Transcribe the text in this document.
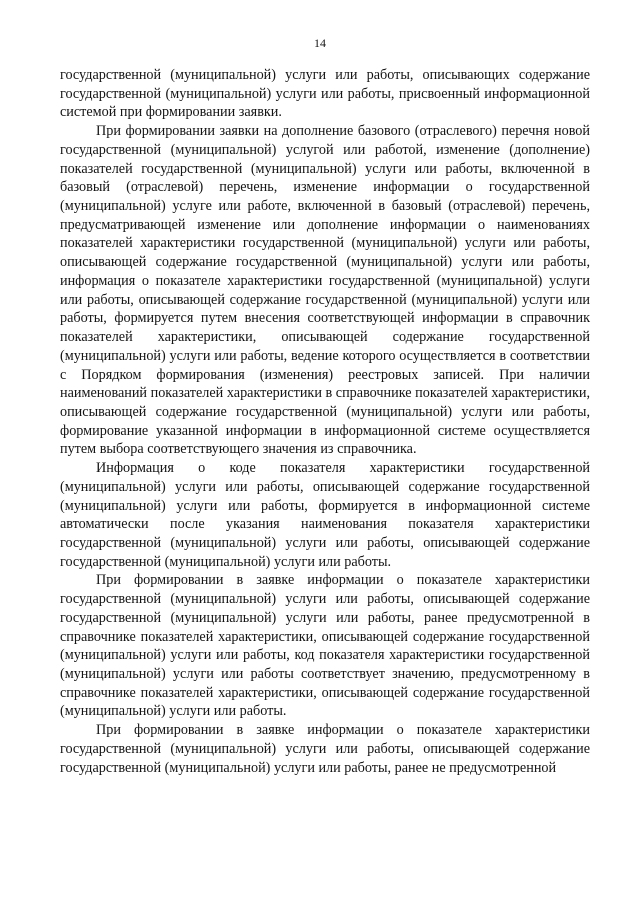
14

государственной (муниципальной) услуги или работы, описывающих содержание государственной (муниципальной) услуги или работы, присвоенный информационной системой при формировании заявки.

При формировании заявки на дополнение базового (отраслевого) перечня новой государственной (муниципальной) услугой или работой, изменение (дополнение) показателей государственной (муниципальной) услуги или работы, включенной в базовый (отраслевой) перечень, изменение информации о государственной (муниципальной) услуге или работе, включенной в базовый (отраслевой) перечень, предусматривающей изменение или дополнение информации о наименованиях показателей характеристики государственной (муниципальной) услуги или работы, описывающей содержание государственной (муниципальной) услуги или работы, информация о показателе характеристики государственной (муниципальной) услуги или работы, описывающей содержание государственной (муниципальной) услуги или работы, формируется путем внесения соответствующей информации в справочник показателей характеристики, описывающей содержание государственной (муниципальной) услуги или работы, ведение которого осуществляется в соответствии с Порядком формирования (изменения) реестровых записей. При наличии наименований показателей характеристики в справочнике показателей характеристики, описывающей содержание государственной (муниципальной) услуги или работы, формирование указанной информации в информационной системе осуществляется путем выбора соответствующего значения из справочника.

Информация о коде показателя характеристики государственной (муниципальной) услуги или работы, описывающей содержание государственной (муниципальной) услуги или работы, формируется в информационной системе автоматически после указания наименования показателя характеристики государственной (муниципальной) услуги или работы, описывающей содержание государственной (муниципальной) услуги или работы.

При формировании в заявке информации о показателе характеристики государственной (муниципальной) услуги или работы, описывающей содержание государственной (муниципальной) услуги или работы, ранее предусмотренной в справочнике показателей характеристики, описывающей содержание государственной (муниципальной) услуги или работы, код показателя характеристики государственной (муниципальной) услуги или работы соответствует значению, предусмотренному в справочнике показателей характеристики, описывающей содержание государственной (муниципальной) услуги или работы.

При формировании в заявке информации о показателе характеристики государственной (муниципальной) услуги или работы, описывающей содержание государственной (муниципальной) услуги или работы, ранее не предусмотренной
